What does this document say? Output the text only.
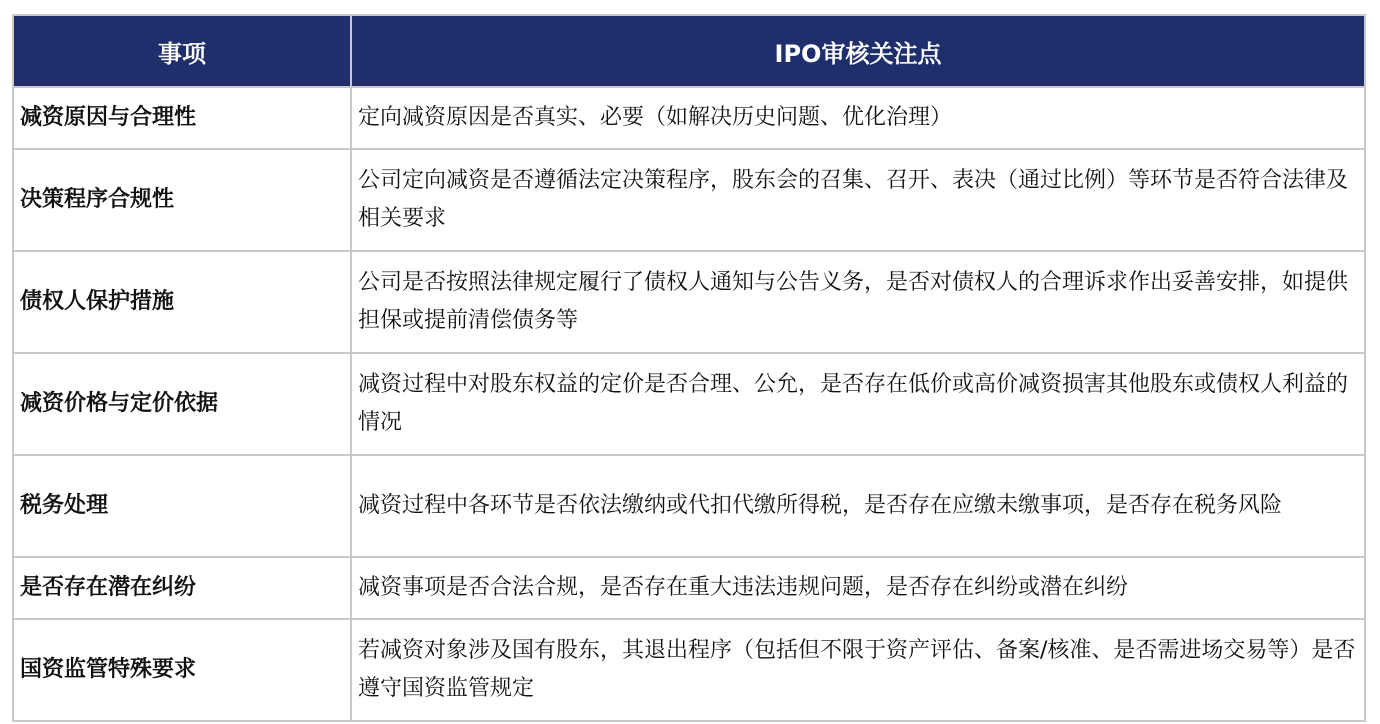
事项	IPO审核关注点
减资原因与合理性	定向减资原因是否真实、必要（如解决历史问题、优化治理）
决策程序合规性	公司定向减资是否遵循法定决策程序，股东会的召集、召开、表决（通过比例）等环节是否符合法律及相关要求
债权人保护措施	公司是否按照法律规定履行了债权人通知与公告义务，是否对债权人的合理诉求作出妥善安排，如提供担保或提前清偿债务等
减资价格与定价依据	减资过程中对股东权益的定价是否合理、公允，是否存在低价或高价减资损害其他股东或债权人利益的情况
税务处理	减资过程中各环节是否依法缴纳或代扣代缴所得税，是否存在应缴未缴事项，是否存在税务风险
是否存在潜在纠纷	减资事项是否合法合规，是否存在重大违法违规问题，是否存在纠纷或潜在纠纷
国资监管特殊要求	若减资对象涉及国有股东，其退出程序（包括但不限于资产评估、备案/核准、是否需进场交易等）是否遵守国资监管规定
